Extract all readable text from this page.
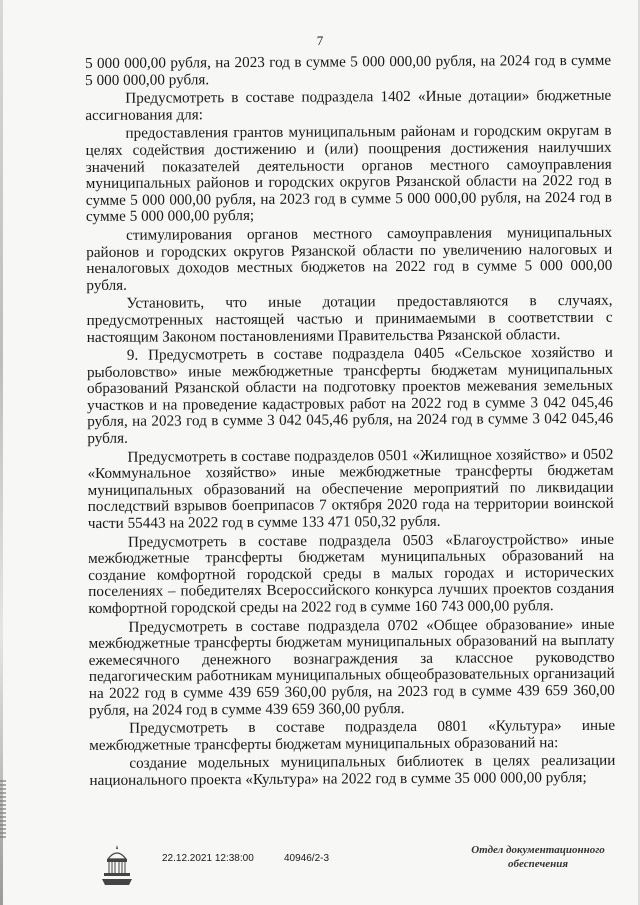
7

5 000 000,00 рубля, на 2023 год в сумме 5 000 000,00 рубля, на 2024 год в сумме 5 000 000,00 рубля.

Предусмотреть в составе подраздела 1402 «Иные дотации» бюджетные ассигнования для:

предоставления грантов муниципальным районам и городским округам в целях содействия достижению и (или) поощрения достижения наилучших значений показателей деятельности органов местного самоуправления муниципальных районов и городских округов Рязанской области на 2022 год в сумме 5 000 000,00 рубля, на 2023 год в сумме 5 000 000,00 рубля, на 2024 год в сумме 5 000 000,00 рубля;

стимулирования органов местного самоуправления муниципальных районов и городских округов Рязанской области по увеличению налоговых и неналоговых доходов местных бюджетов на 2022 год в сумме 5 000 000,00 рубля.

Установить, что иные дотации предоставляются в случаях, предусмотренных настоящей частью и принимаемыми в соответствии с настоящим Законом постановлениями Правительства Рязанской области.

9. Предусмотреть в составе подраздела 0405 «Сельское хозяйство и рыболовство» иные межбюджетные трансферты бюджетам муниципальных образований Рязанской области на подготовку проектов межевания земельных участков и на проведение кадастровых работ на 2022 год в сумме 3 042 045,46 рубля, на 2023 год в сумме 3 042 045,46 рубля, на 2024 год в сумме 3 042 045,46 рубля.

Предусмотреть в составе подразделов 0501 «Жилищное хозяйство» и 0502 «Коммунальное хозяйство» иные межбюджетные трансферты бюджетам муниципальных образований на обеспечение мероприятий по ликвидации последствий взрывов боеприпасов 7 октября 2020 года на территории воинской части 55443 на 2022 год в сумме 133 471 050,32 рубля.

Предусмотреть в составе подраздела 0503 «Благоустройство» иные межбюджетные трансферты бюджетам муниципальных образований на создание комфортной городской среды в малых городах и исторических поселениях – победителях Всероссийского конкурса лучших проектов создания комфортной городской среды на 2022 год в сумме 160 743 000,00 рубля.

Предусмотреть в составе подраздела 0702 «Общее образование» иные межбюджетные трансферты бюджетам муниципальных образований на выплату ежемесячного денежного вознаграждения за классное руководство педагогическим работникам муниципальных общеобразовательных организаций на 2022 год в сумме 439 659 360,00 рубля, на 2023 год в сумме 439 659 360,00 рубля, на 2024 год в сумме 439 659 360,00 рубля.

Предусмотреть в составе подраздела 0801 «Культура» иные межбюджетные трансферты бюджетам муниципальных образований на:

создание модельных муниципальных библиотек в целях реализации национального проекта «Культура» на 2022 год в сумме 35 000 000,00 рубля;

22.12.2021 12:38:00	40946/2-3
Отдел документационного
обеспечения
